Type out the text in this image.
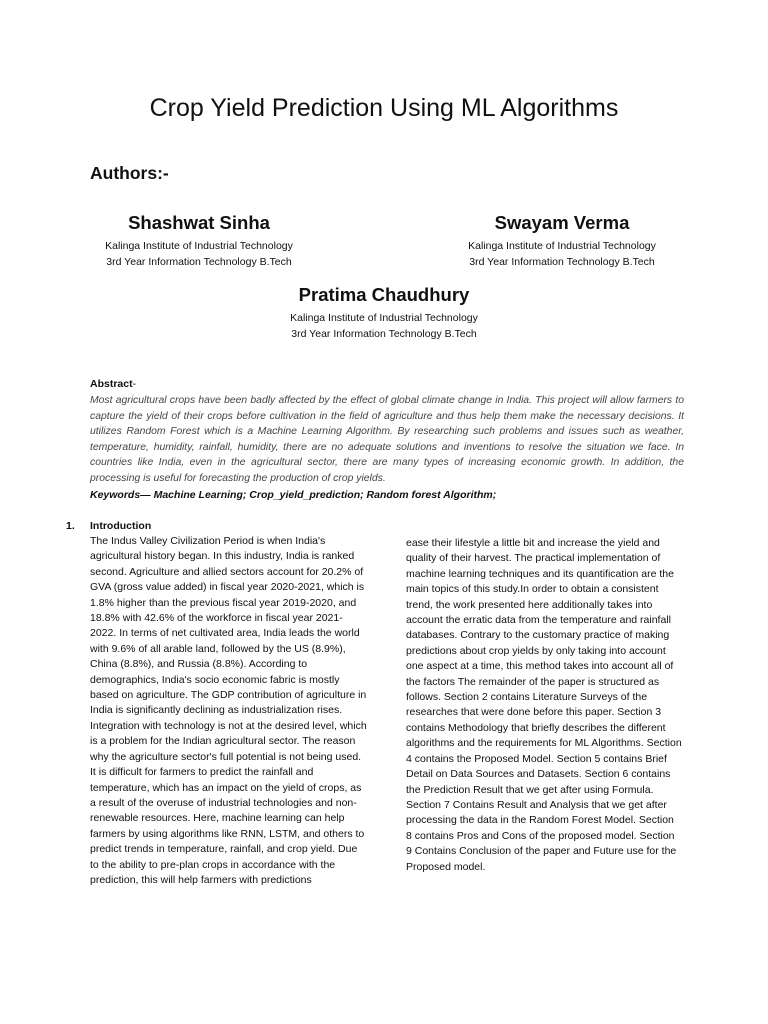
Crop Yield Prediction Using ML Algorithms
Authors:-
Shashwat Sinha
Kalinga Institute of Industrial Technology
3rd Year Information Technology B.Tech
Swayam Verma
Kalinga Institute of Industrial Technology
3rd Year Information Technology B.Tech
Pratima Chaudhury
Kalinga Institute of Industrial Technology
3rd Year Information Technology B.Tech
Abstract-

Most agricultural crops have been badly affected by the effect of global climate change in India. This project will allow farmers to capture the yield of their crops before cultivation in the field of agriculture and thus help them make the necessary decisions. It utilizes Random Forest which is a Machine Learning Algorithm. By researching such problems and issues such as weather, temperature, humidity, rainfall, humidity, there are no adequate solutions and inventions to resolve the situation we face. In countries like India, even in the agricultural sector, there are many types of increasing economic growth. In addition, the processing is useful for forecasting the production of crop yields.

Keywords— Machine Learning; Crop_yield_prediction; Random forest Algorithm;
1. Introduction

The Indus Valley Civilization Period is when India's agricultural history began. In this industry, India is ranked second. Agriculture and allied sectors account for 20.2% of GVA (gross value added) in fiscal year 2020-2021, which is 1.8% higher than the previous fiscal year 2019-2020, and 18.8% with 42.6% of the workforce in fiscal year 2021-2022. In terms of net cultivated area, India leads the world with 9.6% of all arable land, followed by the US (8.9%), China (8.8%), and Russia (8.8%). According to demographics, India's socio economic fabric is mostly based on agriculture. The GDP contribution of agriculture in India is significantly declining as industrialization rises. Integration with technology is not at the desired level, which is a problem for the Indian agricultural sector. The reason why the agriculture sector's full potential is not being used. It is difficult for farmers to predict the rainfall and temperature, which has an impact on the yield of crops, as a result of the overuse of industrial technologies and non-renewable resources. Here, machine learning can help farmers by using algorithms like RNN, LSTM, and others to predict trends in temperature, rainfall, and crop yield. Due to the ability to pre-plan crops in accordance with the prediction, this will help farmers with predictions

ease their lifestyle a little bit and increase the yield and quality of their harvest. The practical implementation of machine learning techniques and its quantification are the main topics of this study.In order to obtain a consistent trend, the work presented here additionally takes into account the erratic data from the temperature and rainfall databases. Contrary to the customary practice of making predictions about crop yields by only taking into account one aspect at a time, this method takes into account all of the factors The remainder of the paper is structured as follows. Section 2 contains Literature Surveys of the researches that were done before this paper. Section 3 contains Methodology that briefly describes the different algorithms and the requirements for ML Algorithms. Section 4 contains the Proposed Model. Section 5 contains Brief Detail on Data Sources and Datasets. Section 6 contains the Prediction Result that we get after using Formula. Section 7 Contains Result and Analysis that we get after processing the data in the Random Forest Model. Section 8 contains Pros and Cons of the proposed model. Section 9 Contains Conclusion of the paper and Future use for the Proposed model.
